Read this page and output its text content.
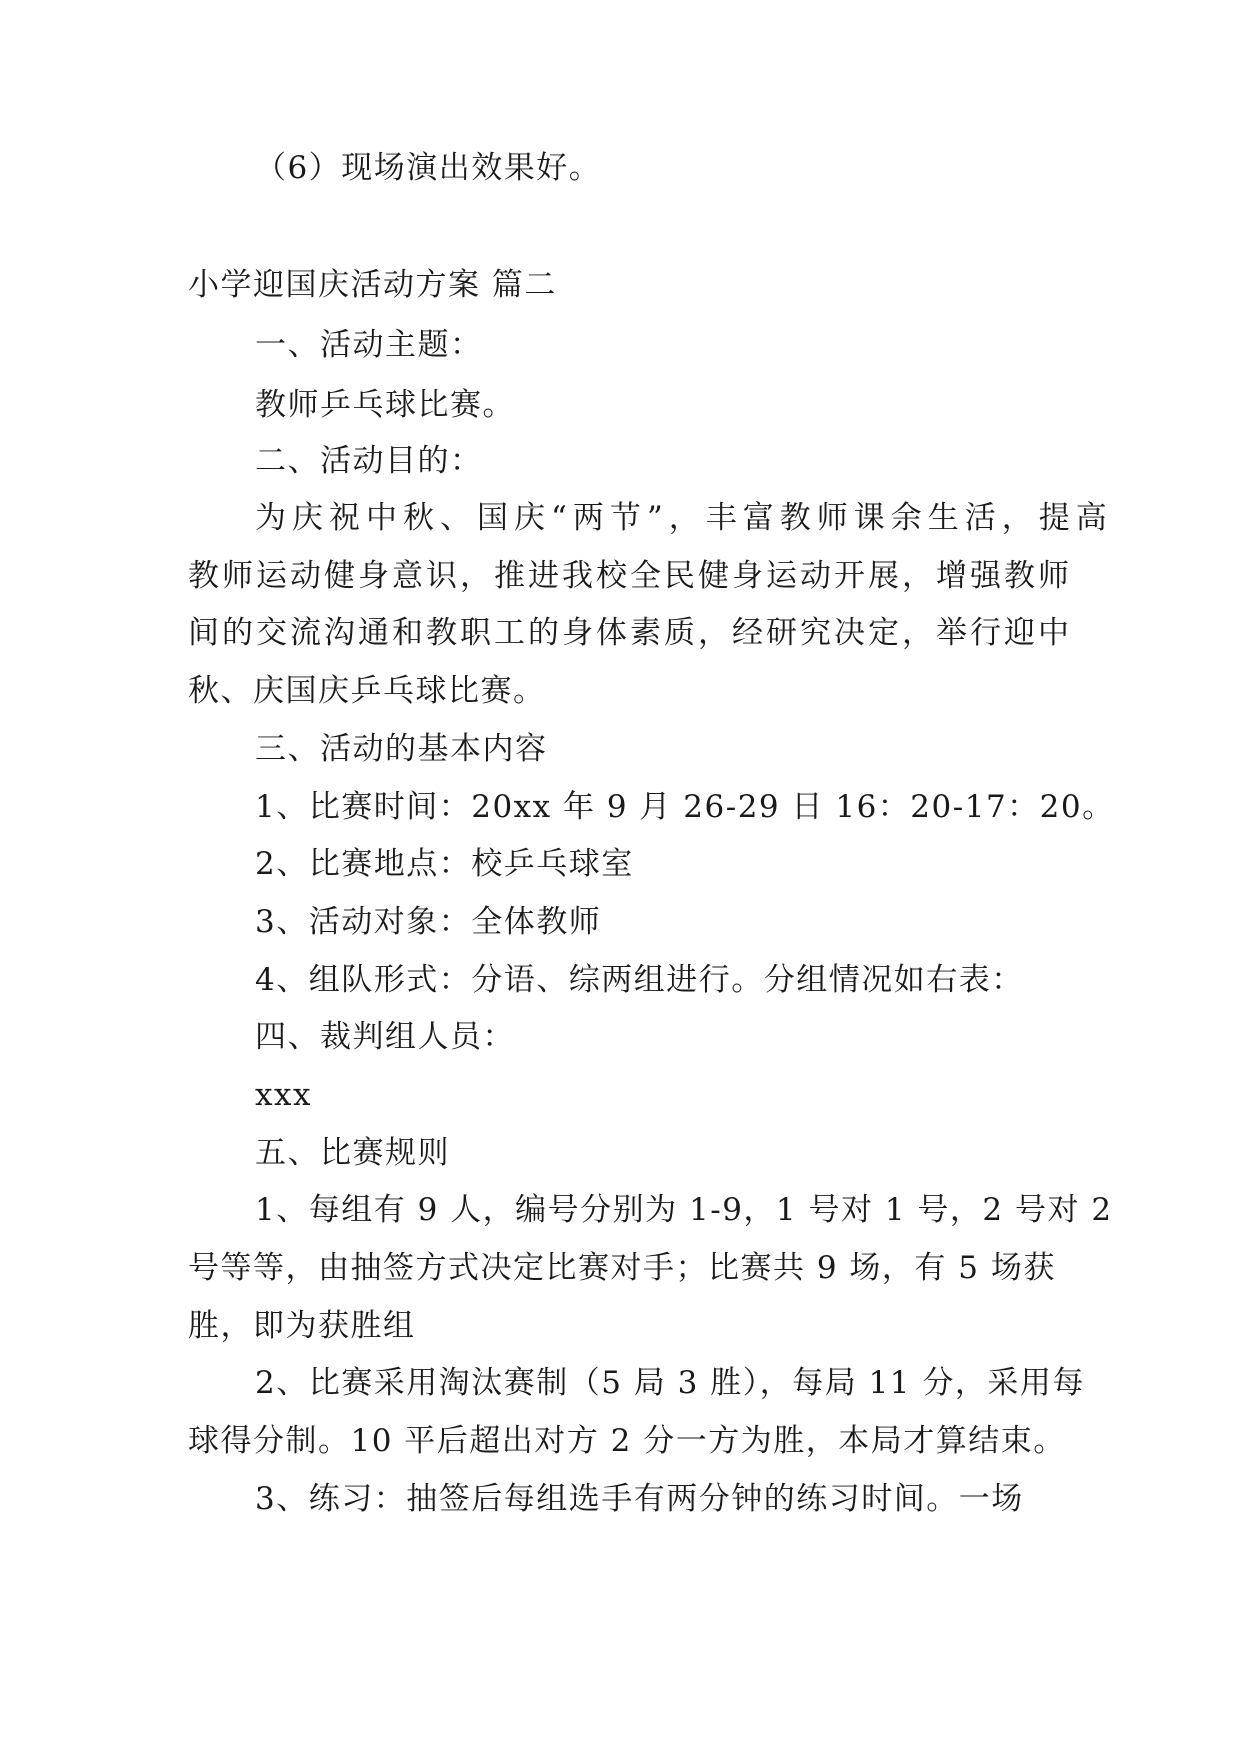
（6）现场演出效果好。
小学迎国庆活动方案 篇二
一、活动主题：
教师乒乓球比赛。
二、活动目的：
为庆祝中秋、国庆“两节”，丰富教师课余生活，提高
教师运动健身意识，推进我校全民健身运动开展，增强教师
间的交流沟通和教职工的身体素质，经研究决定，举行迎中
秋、庆国庆乒乓球比赛。
三、活动的基本内容
1、比赛时间：20xx 年 9 月 26-29 日 16：20-17：20。
2、比赛地点：校乒乓球室
3、活动对象：全体教师
4、组队形式：分语、综两组进行。分组情况如右表：
四、裁判组人员：
xxx
五、比赛规则
1、每组有 9 人，编号分别为 1-9，1 号对 1 号，2 号对 2
号等等，由抽签方式决定比赛对手；比赛共 9 场，有 5 场获
胜，即为获胜组
2、比赛采用淘汰赛制（5 局 3 胜），每局 11 分，采用每
球得分制。10 平后超出对方 2 分一方为胜，本局才算结束。
3、练习：抽签后每组选手有两分钟的练习时间。一场
